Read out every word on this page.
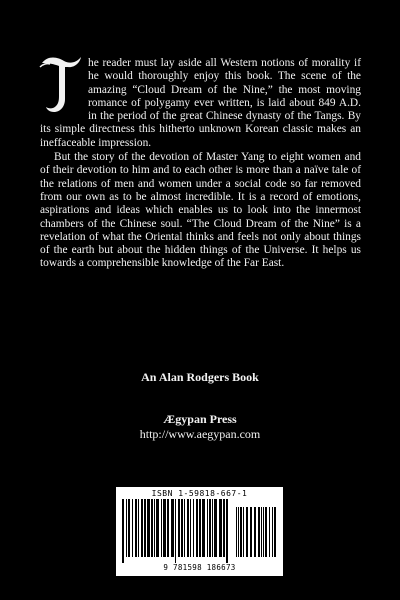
he reader must lay aside all Western notions of morality if he would thoroughly enjoy this book. The scene of the amazing “Cloud Dream of the Nine,” the most moving romance of polygamy ever written, is laid about 849 A.D. in the period of the great Chinese dynasty of the Tangs. By its simple directness this hitherto unknown Korean classic makes an ineffaceable impression.

But the story of the devotion of Master Yang to eight women and of their devotion to him and to each other is more than a naïve tale of the relations of men and women under a social code so far removed from our own as to be almost incredible. It is a record of emotions, aspirations and ideas which enables us to look into the innermost chambers of the Chinese soul. “The Cloud Dream of the Nine” is a revelation of what the Oriental thinks and feels not only about things of the earth but about the hidden things of the Universe. It helps us towards a comprehensible knowledge of the Far East.

An Alan Rodgers Book
Ægypan Press
http://www.aegypan.com
ISBN 1-59818-667-1
9 781598 186673
